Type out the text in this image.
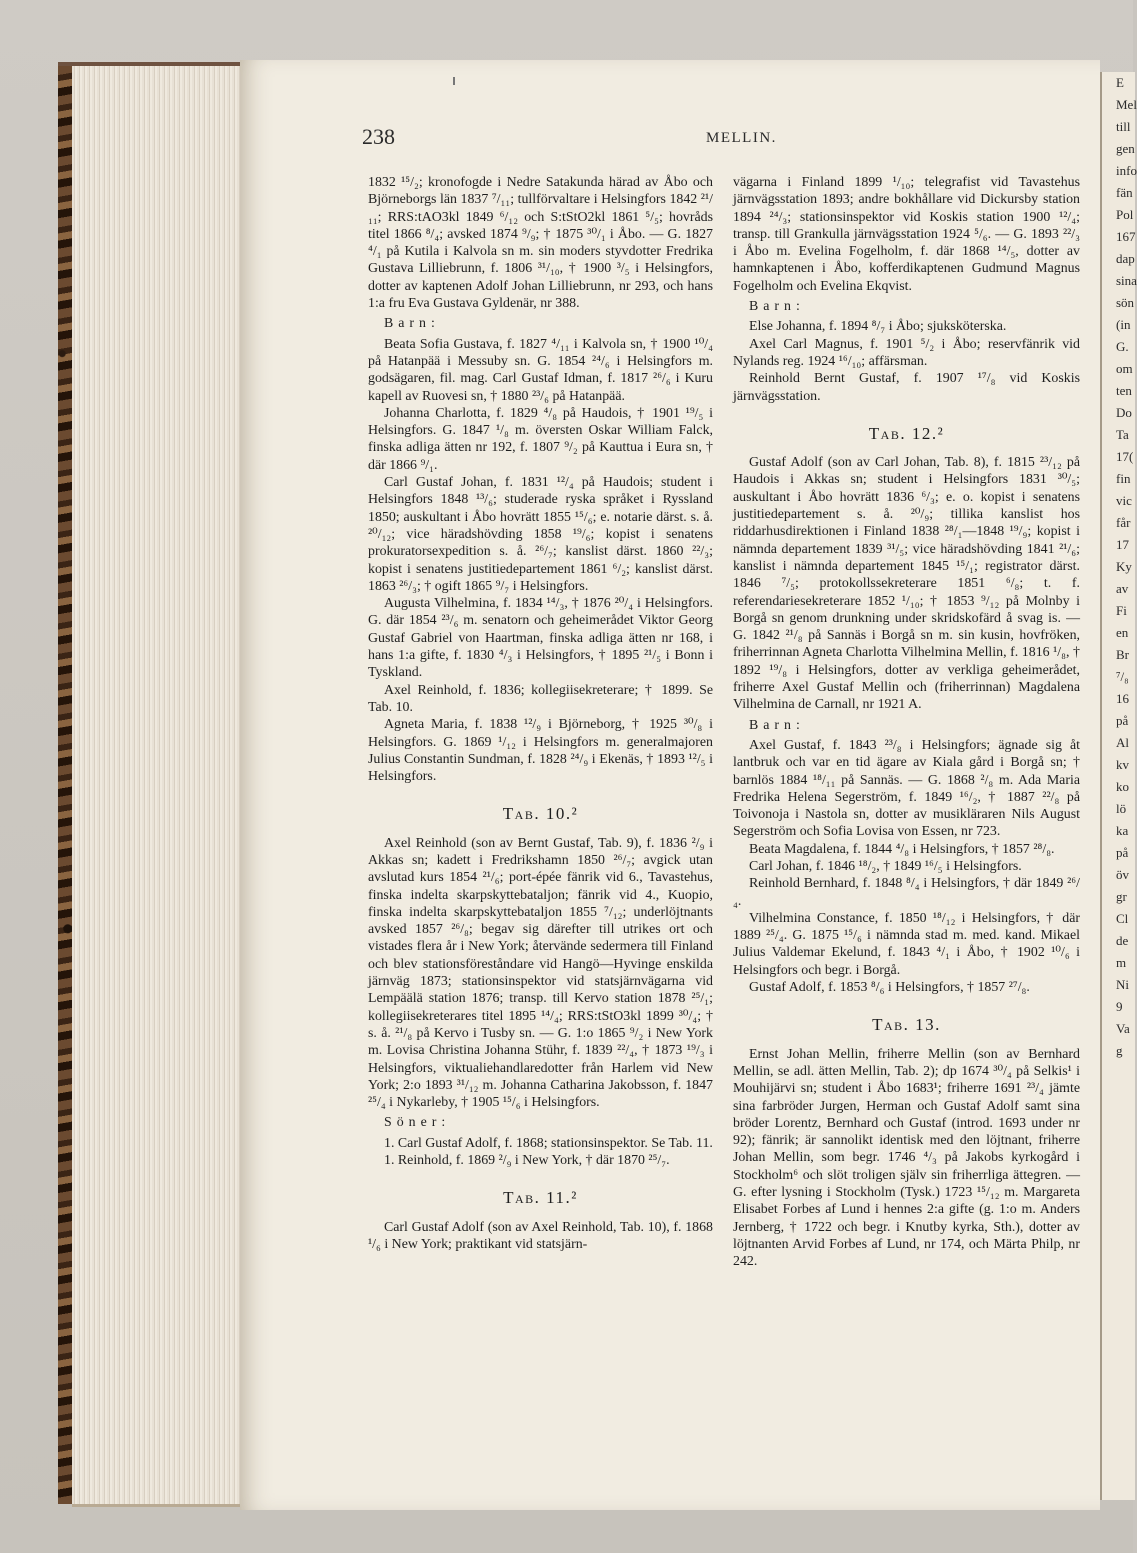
238	MELLIN.

1832 ¹⁵/₂; kronofogde i Nedre Satakunda härad av Åbo och Björneborgs län 1837 ⁷/₁₁; tullförvaltare i Helsingfors 1842 ²¹/₁₁; RRS:tAO3kl 1849 ⁶/₁₂ och S:tStO2kl 1861 ⁵/₅; hovråds titel 1866 ⁸/₄; avsked 1874 ⁹/₉; † 1875 ³⁰/₁ i Åbo. — G. 1827 ⁴/₁ på Kutila i Kalvola sn m. sin moders styvdotter Fredrika Gustava Lilliebrunn, f. 1806 ³¹/₁₀, † 1900 ³/₅ i Helsingfors, dotter av kaptenen Adolf Johan Lilliebrunn, nr 293, och hans 1:a fru Eva Gustava Gyldenär, nr 388.

Barn:

Beata Sofia Gustava, f. 1827 ⁴/₁₁ i Kalvola sn, † 1900 ¹⁰/₄ på Hatanpää i Messuby sn. G. 1854 ²⁴/₆ i Helsingfors m. godsägaren, fil. mag. Carl Gustaf Idman, f. 1817 ²⁶/₆ i Kuru kapell av Ruovesi sn, † 1880 ²³/₆ på Hatanpää.

Johanna Charlotta, f. 1829 ⁴/₈ på Haudois, † 1901 ¹⁹/₅ i Helsingfors. G. 1847 ¹/₈ m. översten Oskar William Falck, finska adliga ätten nr 192, f. 1807 ⁹/₂ på Kauttua i Eura sn, † där 1866 ⁹/₁.

Carl Gustaf Johan, f. 1831 ¹²/₄ på Haudois; student i Helsingfors 1848 ¹³/₆; studerade ryska språket i Ryssland 1850; auskultant i Åbo hovrätt 1855 ¹⁵/₆; e. notarie därst. s. å. ²⁰/₁₂; vice häradshövding 1858 ¹⁹/₆; kopist i senatens prokuratorsexpedition s. å. ²⁶/₇; kanslist därst. 1860 ²²/₃; kopist i senatens justitiedepartement 1861 ⁶/₂; kanslist därst. 1863 ²⁶/₃; † ogift 1865 ⁹/₇ i Helsingfors.

Augusta Vilhelmina, f. 1834 ¹⁴/₃, † 1876 ²⁰/₄ i Helsingfors. G. där 1854 ²³/₆ m. senatorn och geheimerådet Viktor Georg Gustaf Gabriel von Haartman, finska adliga ätten nr 168, i hans 1:a gifte, f. 1830 ⁴/₃ i Helsingfors, † 1895 ²¹/₅ i Bonn i Tyskland.

Axel Reinhold, f. 1836; kollegiisekreterare; † 1899. Se Tab. 10.

Agneta Maria, f. 1838 ¹²/₉ i Björneborg, † 1925 ³⁰/₈ i Helsingfors. G. 1869 ¹/₁₂ i Helsingfors m. generalmajoren Julius Constantin Sundman, f. 1828 ²⁴/₉ i Ekenäs, † 1893 ¹²/₅ i Helsingfors.

Tab. 10.²

Axel Reinhold (son av Bernt Gustaf, Tab. 9), f. 1836 ²/₉ i Akkas sn; kadett i Fredrikshamn 1850 ²⁶/₇; avgick utan avslutad kurs 1854 ²¹/₆; port-épée fänrik vid 6., Tavastehus, finska indelta skarpskyttebataljon; fänrik vid 4., Kuopio, finska indelta skarpskyttebataljon 1855 ⁷/₁₂; underlöjtnants avsked 1857 ²⁶/₈; begav sig därefter till utrikes ort och vistades flera år i New York; återvände sedermera till Finland och blev stationsföreståndare vid Hangö—Hyvinge enskilda järnväg 1873; stationsinspektor vid statsjärnvägarna vid Lempäälä station 1876; transp. till Kervo station 1878 ²⁵/₁; kollegiisekreterares titel 1895 ¹⁴/₄; RRS:tStO3kl 1899 ³⁰/₄; † s. å. ²¹/₈ på Kervo i Tusby sn. — G. 1:o 1865 ⁹/₂ i New York m. Lovisa Christina Johanna Stühr, f. 1839 ²²/₄, † 1873 ¹⁹/₃ i Helsingfors, viktualiehandlaredotter från Harlem vid New York; 2:o 1893 ³¹/₁₂ m. Johanna Catharina Jakobsson, f. 1847 ²⁵/₄ i Nykarleby, † 1905 ¹⁵/₆ i Helsingfors.

Söner:

1. Carl Gustaf Adolf, f. 1868; stationsinspektor. Se Tab. 11.

1. Reinhold, f. 1869 ²/₉ i New York, † där 1870 ²⁵/₇.

Tab. 11.²

Carl Gustaf Adolf (son av Axel Reinhold, Tab. 10), f. 1868 ¹/₆ i New York; praktikant vid statsjärn-

vägarna i Finland 1899 ¹/₁₀; telegrafist vid Tavastehus järnvägsstation 1893; andre bokhållare vid Dickursby station 1894 ²⁴/₃; stationsinspektor vid Koskis station 1900 ¹²/₄; transp. till Grankulla järnvägsstation 1924 ⁵/₆. — G. 1893 ²²/₃ i Åbo m. Evelina Fogelholm, f. där 1868 ¹⁴/₅, dotter av hamnkaptenen i Åbo, kofferdikaptenen Gudmund Magnus Fogelholm och Evelina Ekqvist.

Barn:

Else Johanna, f. 1894 ⁸/₇ i Åbo; sjuksköterska.

Axel Carl Magnus, f. 1901 ⁵/₂ i Åbo; reservfänrik vid Nylands reg. 1924 ¹⁶/₁₀; affärsman.

Reinhold Bernt Gustaf, f. 1907 ¹⁷/₈ vid Koskis järnvägsstation.

Tab. 12.²

Gustaf Adolf (son av Carl Johan, Tab. 8), f. 1815 ²³/₁₂ på Haudois i Akkas sn; student i Helsingfors 1831 ³⁰/₅; auskultant i Åbo hovrätt 1836 ⁶/₃; e. o. kopist i senatens justitiedepartement s. å. ²⁰/₉; tillika kanslist hos riddarhusdirektionen i Finland 1838 ²⁸/₁—1848 ¹⁹/₉; kopist i nämnda departement 1839 ³¹/₅; vice häradshövding 1841 ²¹/₆; kanslist i nämnda departement 1845 ¹⁵/₁; registrator därst. 1846 ⁷/₅; protokollssekreterare 1851 ⁶/₈; t. f. referendariesekreterare 1852 ¹/₁₀; † 1853 ⁹/₁₂ på Molnby i Borgå sn genom drunkning under skridskofärd å svag is. — G. 1842 ²¹/₈ på Sannäs i Borgå sn m. sin kusin, hovfröken, friherrinnan Agneta Charlotta Vilhelmina Mellin, f. 1816 ¹/₈, † 1892 ¹⁹/₈ i Helsingfors, dotter av verkliga geheimerådet, friherre Axel Gustaf Mellin och (friherrinnan) Magdalena Vilhelmina de Carnall, nr 1921 A.

Barn:

Axel Gustaf, f. 1843 ²³/₈ i Helsingfors; ägnade sig åt lantbruk och var en tid ägare av Kiala gård i Borgå sn; † barnlös 1884 ¹⁸/₁₁ på Sannäs. — G. 1868 ²/₈ m. Ada Maria Fredrika Helena Segerström, f. 1849 ¹⁶/₂, † 1887 ²²/₈ på Toivonoja i Nastola sn, dotter av musikläraren Nils August Segerström och Sofia Lovisa von Essen, nr 723.

Beata Magdalena, f. 1844 ⁴/₈ i Helsingfors, † 1857 ²⁸/₈.

Carl Johan, f. 1846 ¹⁸/₂, † 1849 ¹⁶/₅ i Helsingfors.

Reinhold Bernhard, f. 1848 ⁸/₄ i Helsingfors, † där 1849 ²⁶/₄.

Vilhelmina Constance, f. 1850 ¹⁸/₁₂ i Helsingfors, † där 1889 ²⁵/₄. G. 1875 ¹⁵/₆ i nämnda stad m. med. kand. Mikael Julius Valdemar Ekelund, f. 1843 ⁴/₁ i Åbo, † 1902 ¹⁰/₆ i Helsingfors och begr. i Borgå.

Gustaf Adolf, f. 1853 ⁸/₆ i Helsingfors, † 1857 ²⁷/₈.

Tab. 13.

Ernst Johan Mellin, friherre Mellin (son av Bernhard Mellin, se adl. ätten Mellin, Tab. 2); dp 1674 ³⁰/₄ på Selkis¹ i Mouhijärvi sn; student i Åbo 1683¹; friherre 1691 ²³/₄ jämte sina farbröder Jurgen, Herman och Gustaf Adolf samt sina bröder Lorentz, Bernhard och Gustaf (introd. 1693 under nr 92); fänrik; är sannolikt identisk med den löjtnant, friherre Johan Mellin, som begr. 1746 ⁴/₃ på Jakobs kyrkogård i Stockholm⁶ och slöt troligen själv sin friherrliga ättegren. — G. efter lysning i Stockholm (Tysk.) 1723 ¹⁵/₁₂ m. Margareta Elisabet Forbes af Lund i hennes 2:a gifte (g. 1:o m. Anders Jernberg, † 1722 och begr. i Knutby kyrka, Sth.), dotter av löjtnanten Arvid Forbes af Lund, nr 174, och Märta Philp, nr 242.

E
Mel
till
gen
info
fän
Pol
167
dap
sina
sön
(in
G.
om
ten
Do
Ta
17(
fin
vic
får
17
Ky
av
Fi
en
Br
⁷/₈
16
på
Al
kv
ko
lö
ka
på
öv
gr
Cl
de
m
Ni
9
Va
g
